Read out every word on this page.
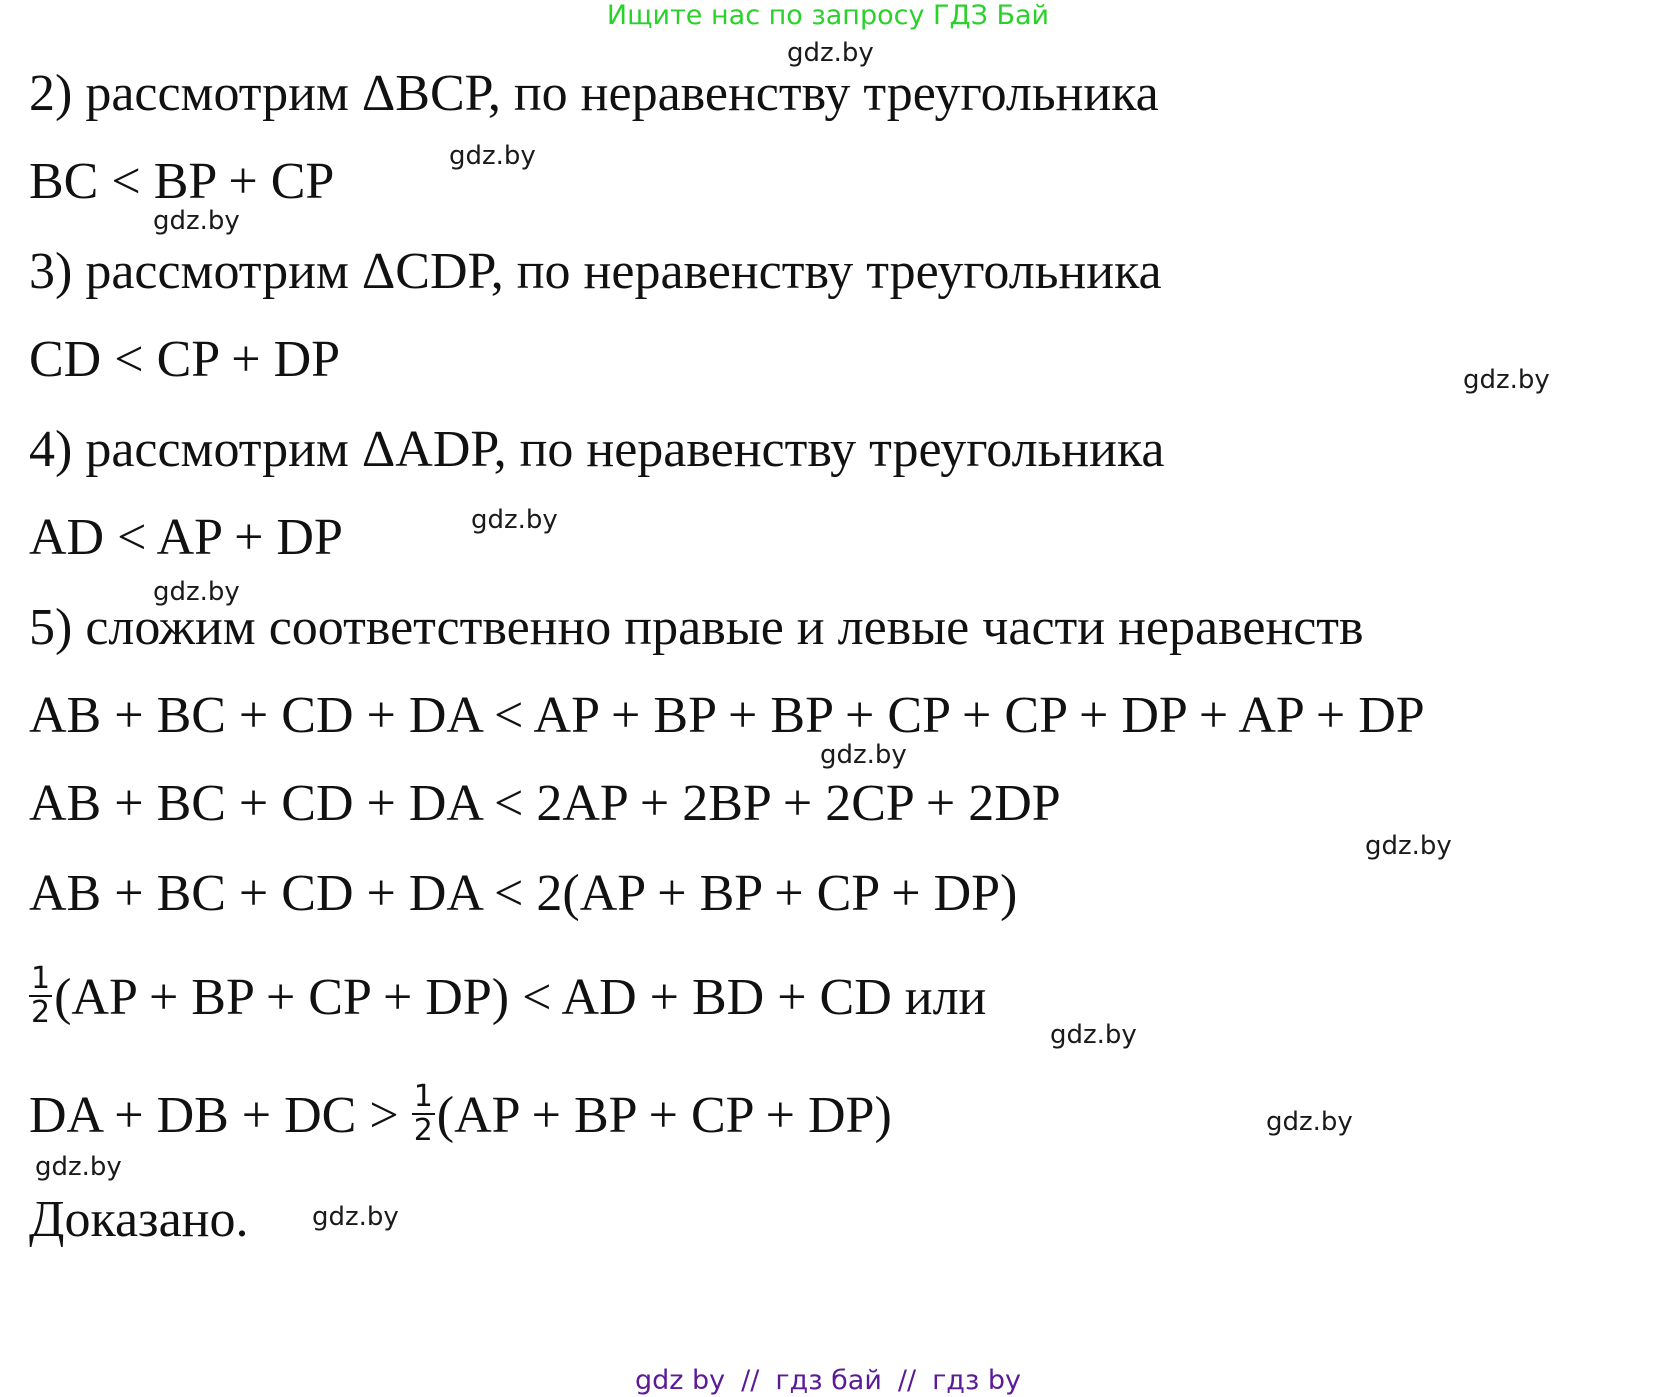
Ищите нас по запросу ГДЗ Бай
gdz.by
2) рассмотрим ΔBCP, по неравенству треугольника
gdz.by
BC < BP + CP
gdz.by
3) рассмотрим ΔCDP, по неравенству треугольника
CD < CP + DP	gdz.by
4) рассмотрим ΔADP, по неравенству треугольника
gdz.by
AD < AP + DP
gdz.by
5) сложим соответственно правые и левые части неравенств
AB + BC + CD + DA < AP + BP + BP + CP + CP + DP + AP + DP
gdz.by
AB + BC + CD + DA < 2AP + 2BP + 2CP + 2DP
gdz.by
AB + BC + CD + DA < 2(AP + BP + CP + DP)
$\frac{1}{2} (AP$ + BP + CP + DP) < AD + BD + CD или
gdz.by
DA + DB + DC > $\frac{1}{2} (AP$ + BP + CP + DP)	gdz.by
gdz.by
Доказано. gdz.by
gdz by // гдз бай // гдз by
